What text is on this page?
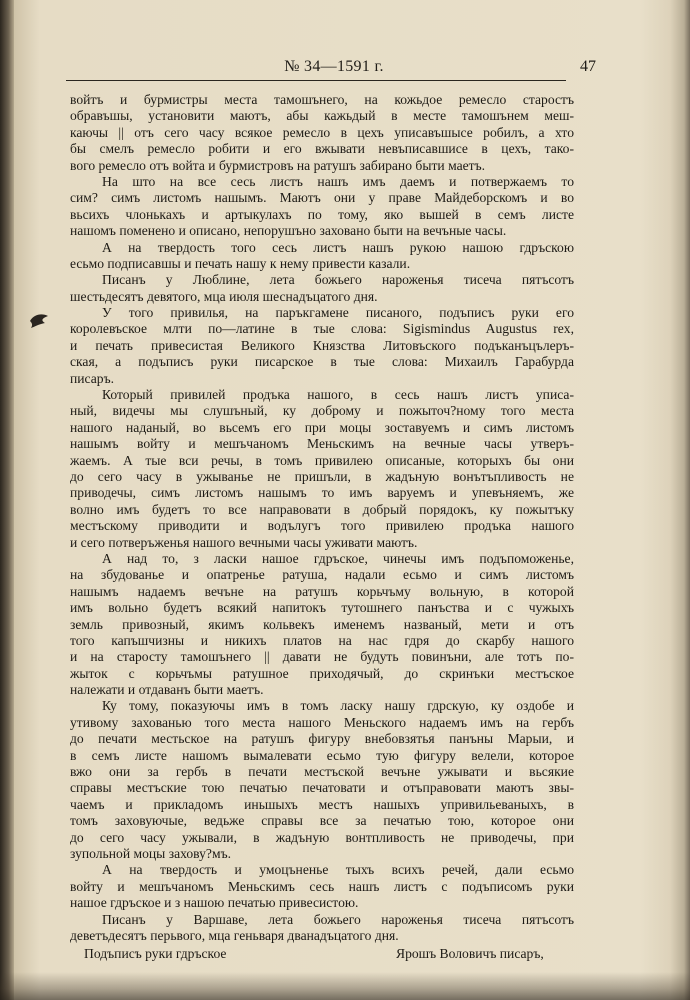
№ 34—1591 г.	47
войтъ и бурмистры места тамошънего, на кожьдое ремесло старостъ
обравъшы, установити маютъ, абы кажьдый в месте тамошънем меш-
каючы || отъ сего часу всякое ремесло в цехъ уписавъшысе робилъ, а хто
бы смелъ ремесло робити и его вжывати невъписавшисе в цехъ, тако-
вого ремесло отъ войта и бурмистровъ на ратушъ забирано быти маетъ.
На што на все сесь листъ нашъ имъ даемъ и потвержаемъ то
сим? симъ листомъ нашымъ. Маютъ они у праве Майдеборскомъ и во
вьсихъ члонькахъ и артыкулахъ по тому, яко вышей в семъ листе
нашомъ помененo и описано, непорушъно заховано быти на вечъные часы.
А на твердость того сесь листъ нашъ рукою нашою гдръскою
есьмо подписавшы и печать нашу к нему привести казали.
Писанъ у Люблине, лета божьего нароженья тисеча пятъсотъ
шестьдесятъ девятого, мца июля шеснадъцатого дня.
У того привилья, на паръкгамене писаного, подъписъ руки его
королевъское млти по—латине в тые слова: Sigismindus Augustus rex,
и печать привесистая Великого Князства Литовъского подъканъцълеръ-
ская, а подъписъ руки писарское в тые слова: Михаилъ Гарабурда
писаръ.
Который привилей продъка нашого, в сесь нашъ листъ уписа-
ный, видечы мы слушъный, ку доброму и пожыточ?ному того места
нашого наданый, во вьсемъ его при моцы зоставуемъ и симъ листомъ
нашымъ войту и мешъчаномъ Меньскимъ на вечные часы утверъ-
жаемъ. А тые вси речы, в томъ привилею описаные, которыхъ бы они
до сего часу в ужываньe не пришъли, в жадъную вонътъпливость не
приводечы, симъ листомъ нашымъ то имъ варуемъ и упевъняемъ, же
волно имъ будетъ то все направовати в добрый порядокъ, ку пожытъку
местъскому приводити и водълугъ того привилею продъка нашого
и сего потверъженья нашого вечными часы уживати маютъ.
А над то, з ласки нашое гдръское, чинечы имъ подъпоможенье,
на збудованье и опатренье ратуша, надали есьмо и симъ листомъ
нашымъ надаемъ вечъне на ратушъ корьчъму вольную, в которой
имъ вольно будетъ всякий напитокъ тутошнего панъства и с чужыхъ
земль привозный, якимъ кольвекъ именемъ названый, мети и отъ
того капъшчизны и никихъ платов на нас гдря до скарбу нашого
и на старосту тамошънего || давати не будуть повинъни, але тотъ по-
жыток с корьчъмы ратушное приходячый, до скринъки местъское
належати и отдаванъ быти маетъ.
Ку тому, показуючы имъ в томъ ласку нашу гдрскую, ку оздобе и
утивому захованью того места нашого Меньского надаемъ имъ на гербъ
до печати местьское на ратушъ фигуру внебовзятья панъны Марыи, и
в семъ листе нашомъ вымалевати есьмо тую фигуру велели, которое
вжо они за гербъ в печати местъской вечъне ужывати и вьсякие
справы местъские тою печатью печатовати и отъправовати маютъ звы-
чаемъ и прикладомъ иньшыхъ местъ нашыхъ упривильеваныхъ, в
томъ заховуючые, ведьже справы все за печатью тою, которое они
до сего часу ужывали, в жадъную вонтпливость не приводечы, при
зупольной моцы захову?мъ.
А на твердость и умоцъненье тыхъ всихъ речей, дали есьмо
войту и мешъчаномъ Меньскимъ сесь нашъ листъ с подъписомъ руки
нашое гдръское и з нашою печатью привесистою.
Писанъ у Варшаве, лета божьего нароженья тисеча пятъсотъ
деветъдесятъ перьвого, мца геньваря дванадъцатого дня.
Подъписъ руки гдръское	Ярошъ Воловичъ писаръ,
